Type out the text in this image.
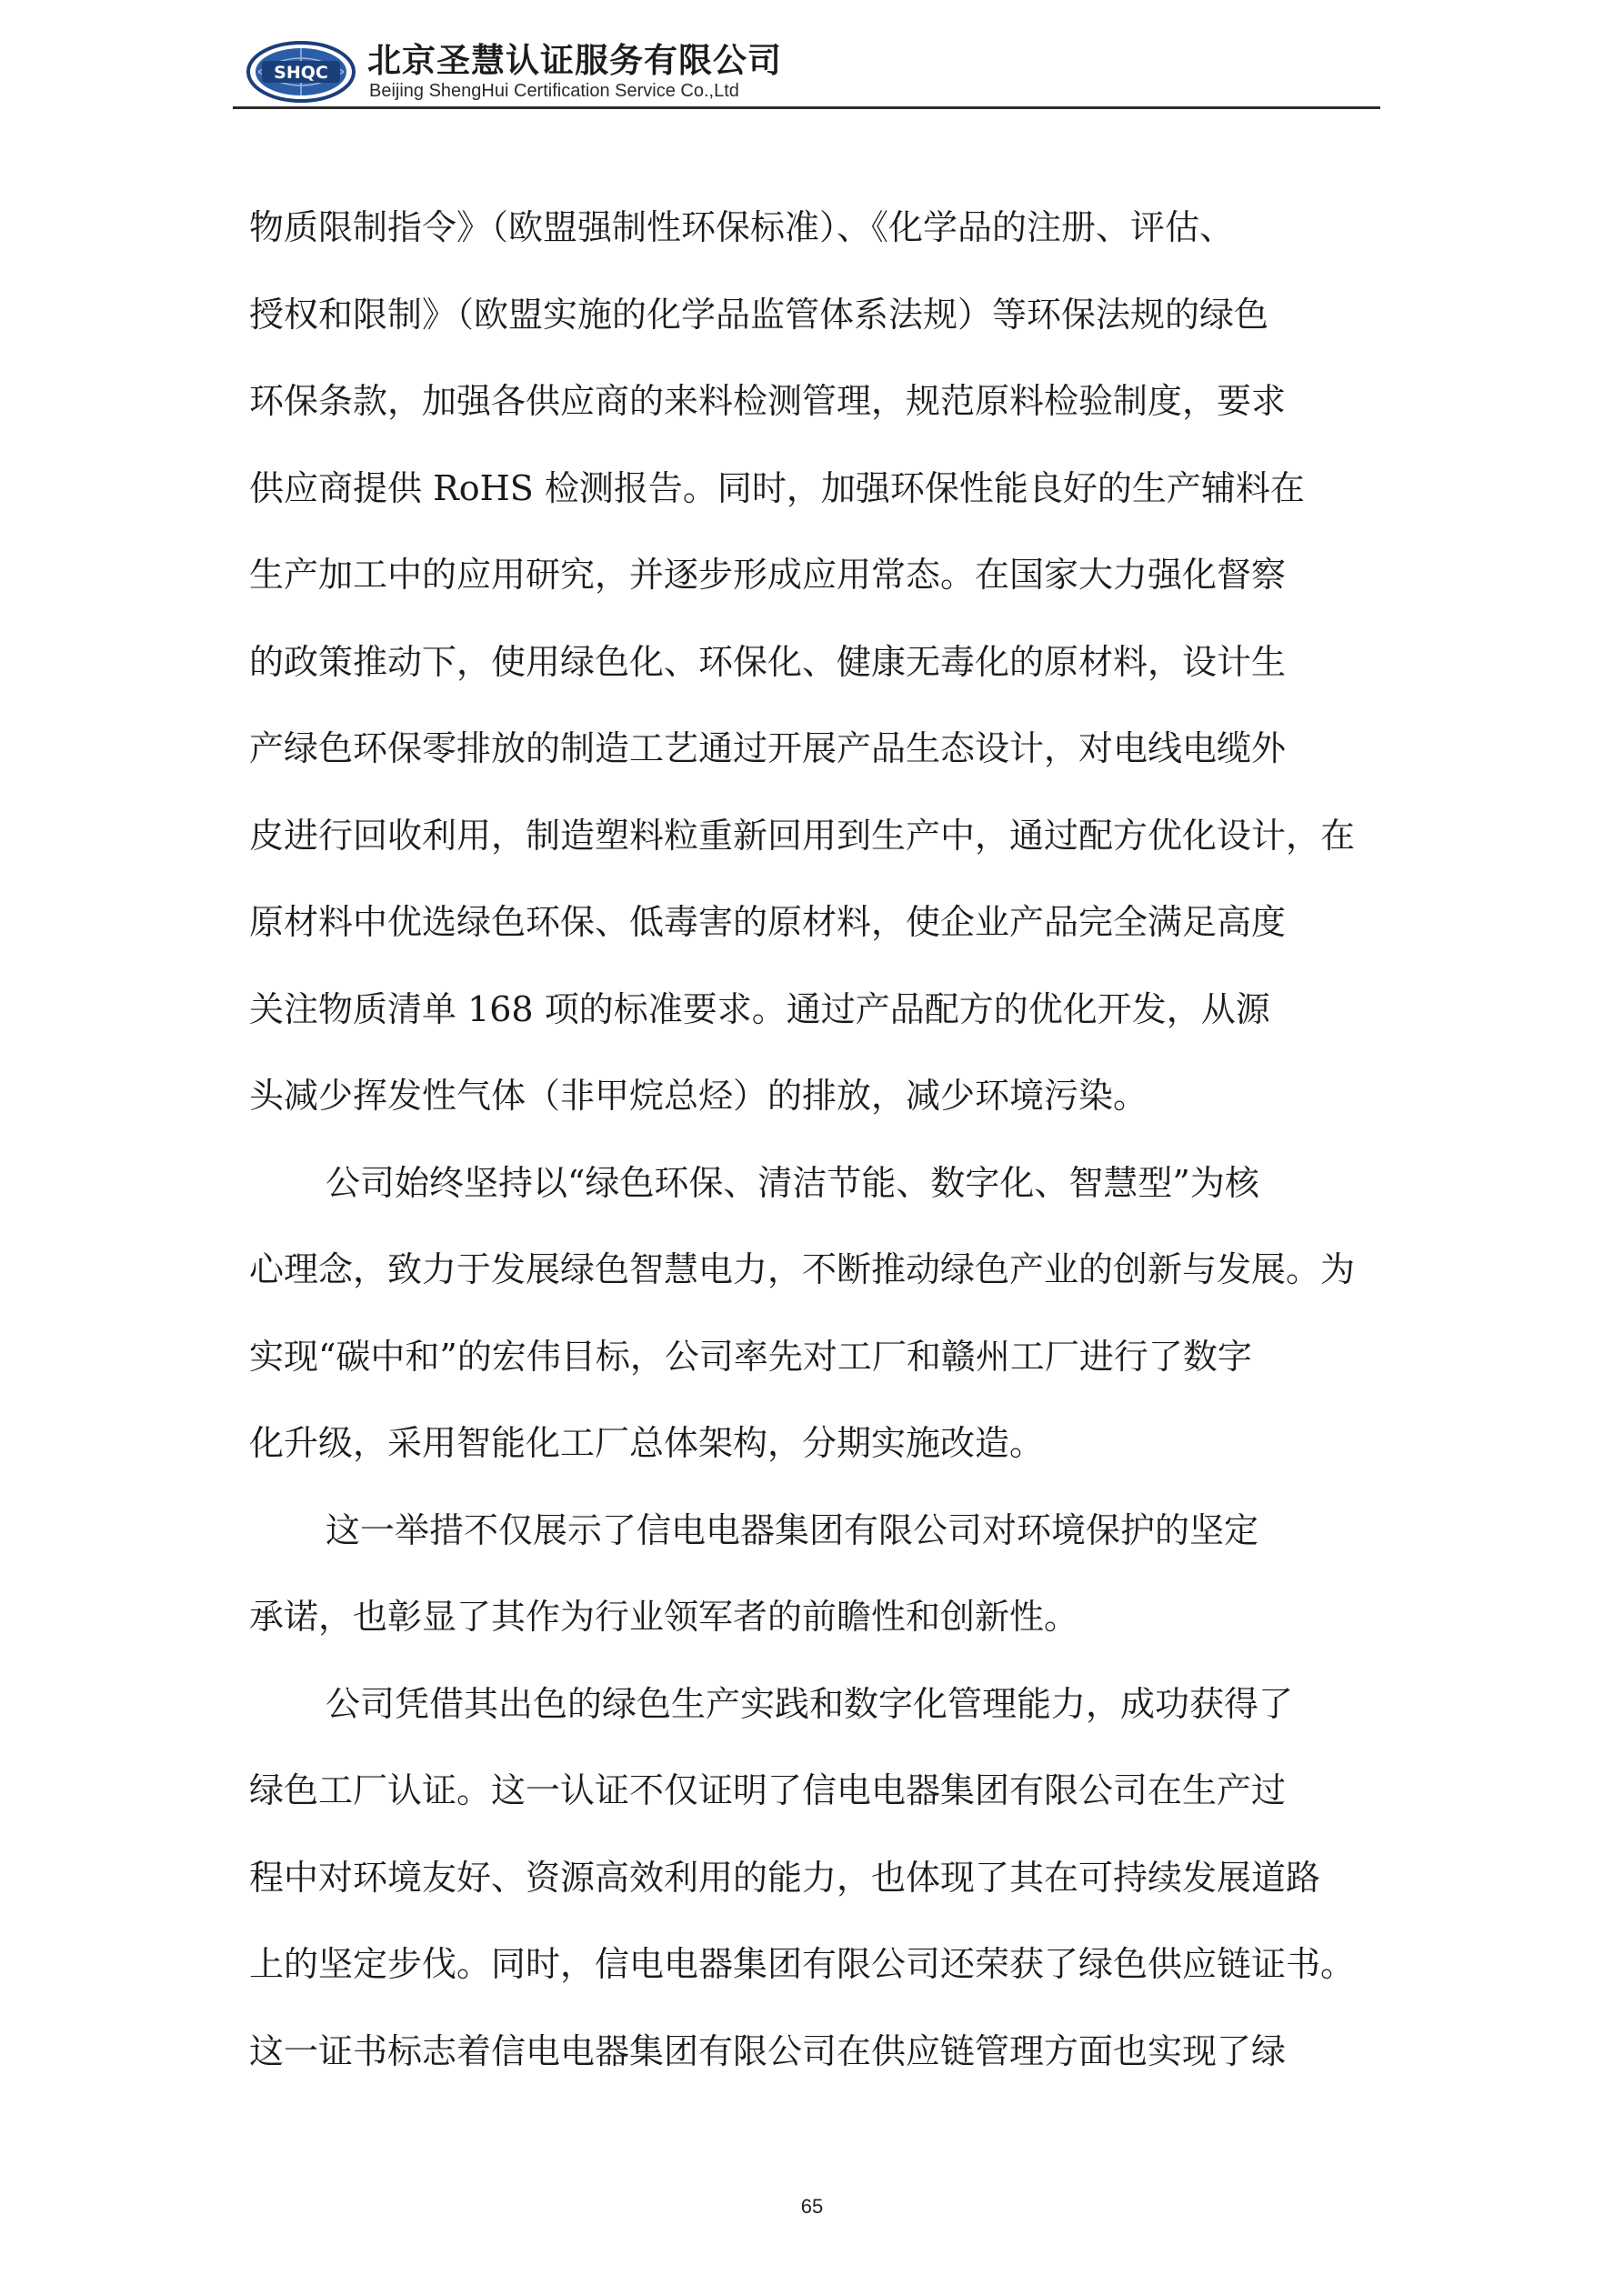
SHQC 北京圣慧认证服务有限公司
Beijing ShengHui Certification Service Co.,Ltd
物质限制指令》（欧盟强制性环保标准）、《化学品的注册、评估、
授权和限制》（欧盟实施的化学品监管体系法规）等环保法规的绿色
环保条款，加强各供应商的来料检测管理，规范原料检验制度，要求
供应商提供 RoHS 检测报告。同时，加强环保性能良好的生产辅料在
生产加工中的应用研究，并逐步形成应用常态。在国家大力强化督察
的政策推动下，使用绿色化、环保化、健康无毒化的原材料，设计生
产绿色环保零排放的制造工艺通过开展产品生态设计，对电线电缆外
皮进行回收利用，制造塑料粒重新回用到生产中，通过配方优化设计，在
原材料中优选绿色环保、低毒害的原材料，使企业产品完全满足高度
关注物质清单 168 项的标准要求。通过产品配方的优化开发，从源
头减少挥发性气体（非甲烷总烃）的排放，减少环境污染。
公司始终坚持以“绿色环保、清洁节能、数字化、智慧型”为核
心理念，致力于发展绿色智慧电力，不断推动绿色产业的创新与发展。为
实现“碳中和”的宏伟目标，公司率先对工厂和赣州工厂进行了数字
化升级，采用智能化工厂总体架构，分期实施改造。
这一举措不仅展示了信电电器集团有限公司对环境保护的坚定
承诺，也彰显了其作为行业领军者的前瞻性和创新性。
公司凭借其出色的绿色生产实践和数字化管理能力，成功获得了
绿色工厂认证。这一认证不仅证明了信电电器集团有限公司在生产过
程中对环境友好、资源高效利用的能力，也体现了其在可持续发展道路
上的坚定步伐。同时，信电电器集团有限公司还荣获了绿色供应链证书。
这一证书标志着信电电器集团有限公司在供应链管理方面也实现了绿
65
